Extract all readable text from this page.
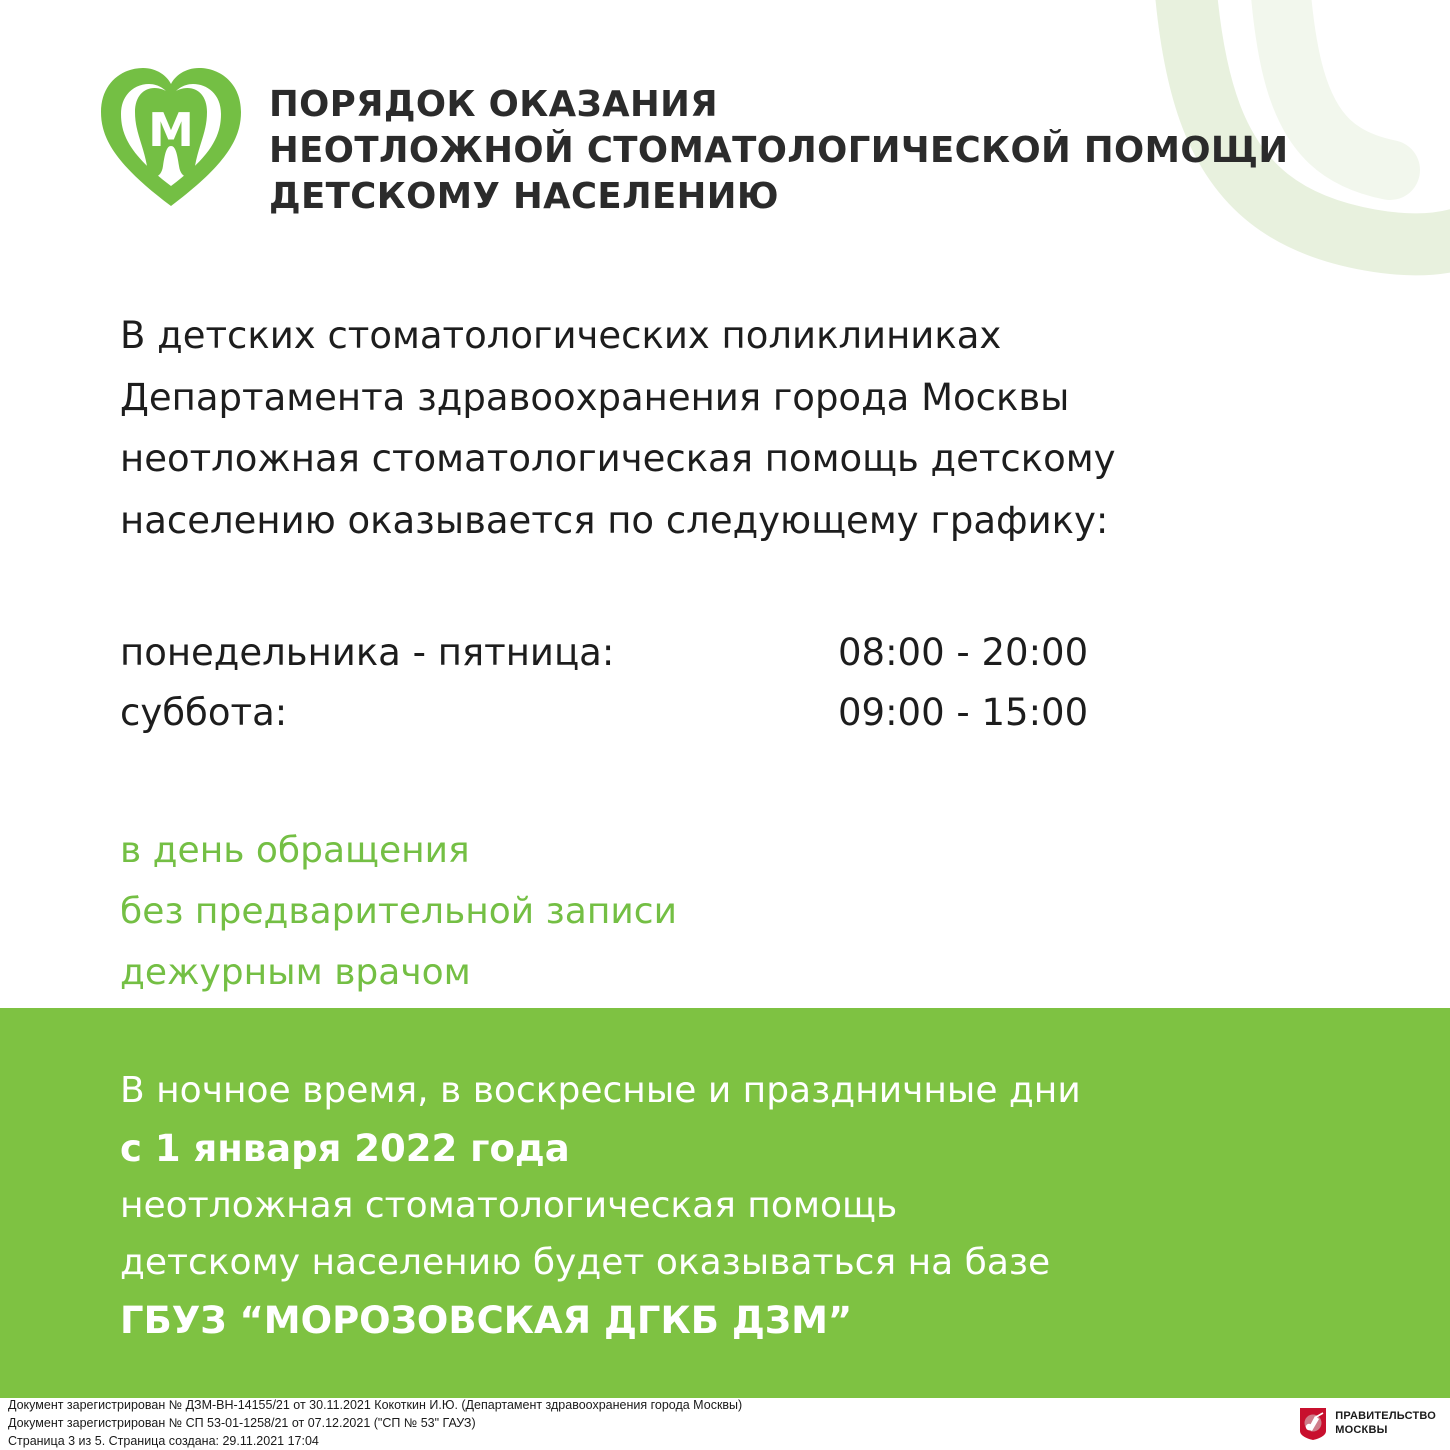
М ПОРЯДОК ОКАЗАНИЯ
НЕОТЛОЖНОЙ СТОМАТОЛОГИЧЕСКОЙ ПОМОЩИ
ДЕТСКОМУ НАСЕЛЕНИЮ

В детских стоматологических поликлиниках

Департамента здравоохранения города Москвы

неотложная стоматологическая помощь детскому

населению оказывается по следующему графику:

понедельника - пятница:	08:00 - 20:00
суббота:	09:00 - 15:00
в день обращения
без предварительной записи
дежурным врачом
В ночное время, в воскресные и праздничные дни
с 1 января 2022 года
неотложная стоматологическая помощь
детскому населению будет оказываться на базе
ГБУЗ “МОРОЗОВСКАЯ ДГКБ ДЗМ”
Документ зарегистрирован № ДЗМ-ВН-14155/21 от 30.11.2021 Кокоткин И.Ю. (Департамент здравоохранения города Москвы)
Документ зарегистрирован № СП 53-01-1258/21 от 07.12.2021 ("СП № 53" ГАУЗ)
Страница 3 из 5. Страница создана: 29.11.2021 17:04
ПРАВИТЕЛЬСТВО
МОСКВЫ
